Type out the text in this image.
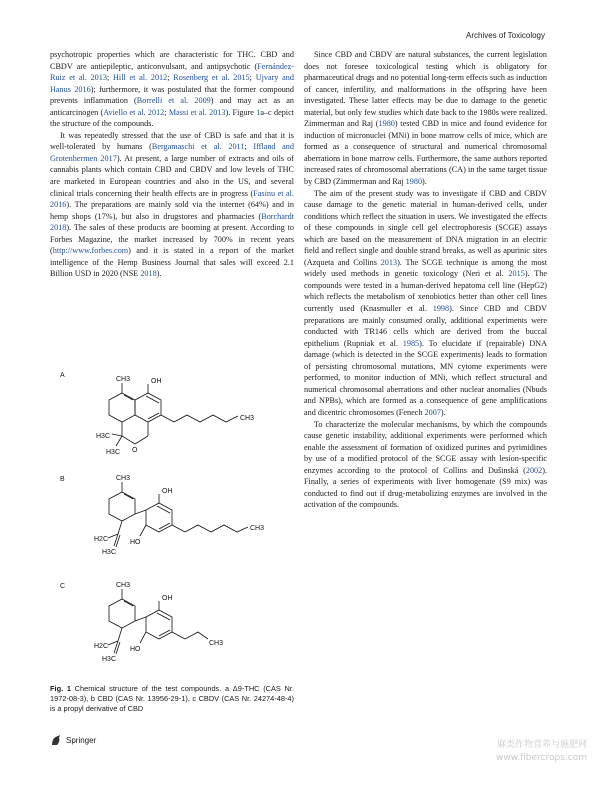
Archives of Toxicology

psychotropic properties which are characteristic for THC. CBD and CBDV are antiepileptic, anticonvulsant, and antipsychotic (Fernández-Ruiz et al. 2013; Hill et al. 2012; Rosenberg et al. 2015; Ujvary and Hanus 2016); furthermore, it was postulated that the former compound prevents inflammation (Borrelli et al. 2009) and may act as an anticarcinogen (Aviello et al. 2012; Massi et al. 2013). Figure 1a–c depict the structure of the compounds.

It was repeatedly stressed that the use of CBD is safe and that it is well-tolerated by humans (Bergamaschi et al. 2011; Iffland and Grotenhermen 2017). At present, a large number of extracts and oils of cannabis plants which contain CBD and CBDV and low levels of THC are marketed in European countries and also in the US, and several clinical trials concerning their health effects are in progress (Fasinu et al. 2016). The preparations are mainly sold via the internet (64%) and in hemp shops (17%), but also in drugstores and pharmacies (Borchardt 2018). The sales of these products are booming at present. According to Forbes Magazine, the market increased by 700% in recent years (http://www.forbes.com) and it is stated in a report of the market intelligence of the Hemp Business Journal that sales will exceed 2.1 Billion USD in 2020 (NSE 2018).

Since CBD and CBDV are natural substances, the current legislation does not foresee toxicological testing which is obligatory for pharmaceutical drugs and no potential long-term effects such as induction of cancer, infertility, and malformations in the offspring have been investigated. These latter effects may be due to damage to the genetic material, but only few studies which date back to the 1980s were realized. Zimmerman and Raj (1980) tested CBD in mice and found evidence for induction of micronuclei (MNi) in bone marrow cells of mice, which are formed as a consequence of structural and numerical chromosomal aberrations in bone marrow cells. Furthermore, the same authors reported increased rates of chromosomal aberrations (CA) in the same target tissue by CBD (Zimmerman and Raj 1980).

The aim of the present study was to investigate if CBD and CBDV cause damage to the genetic material in human-derived cells, under conditions which reflect the situation in users. We investigated the effects of these compounds in single cell gel electrophoresis (SCGE) assays which are based on the measurement of DNA migration in an electric field and reflect single and double strand breaks, as well as apurinic sites (Azqueta and Collins 2013). The SCGE technique is among the most widely used methods in genetic toxicology (Neri et al. 2015). The compounds were tested in a human-derived hepatoma cell line (HepG2) which reflects the metabolism of xenobiotics better than other cell lines currently used (Knasmuller et al. 1998). Since CBD and CBDV preparations are mainly consumed orally, additional experiments were conducted with TR146 cells which are derived from the buccal epithelium (Rupniak et al. 1985). To elucidate if (repairable) DNA damage (which is detected in the SCGE experiments) leads to formation of persisting chromosomal mutations, MN cytome experiments were performed, to monitor induction of MNi, which reflect structural and numerical chromosomal aberrations and other nuclear anomalies (Nbuds and NPBs), which are formed as a consequence of gene amplifications and dicentric chromosomes (Fenech 2007).

To characterize the molecular mechanisms, by which the compounds cause genetic instability, additional experiments were performed which enable the assessment of formation of oxidized purines and pyrimidines by use of a modified protocol of the SCGE assay with lesion-specific enzymes according to the protocol of Collins and Dušinská (2002). Finally, a series of experiments with liver homogenate (S9 mix) was conducted to find out if drug-metabolizing enzymes are involved in the activation of the compounds.

A
B
C
CH3	OH
H3C
H3C O
CH3
CH3
OH
H2C
H3C
HO
CH3
CH3
OH
H2C
H3C
HO
CH3
Fig. 1 Chemical structure of the test compounds. a Δ9-THC (CAS Nr. 1972-08-3), b CBD (CAS Nr. 13956-29-1), c CBDV (CAS Nr. 24274-48-4) is a propyl derivative of CBD
Springer	麻类作物营养与施肥网
www.fibercrops.com
